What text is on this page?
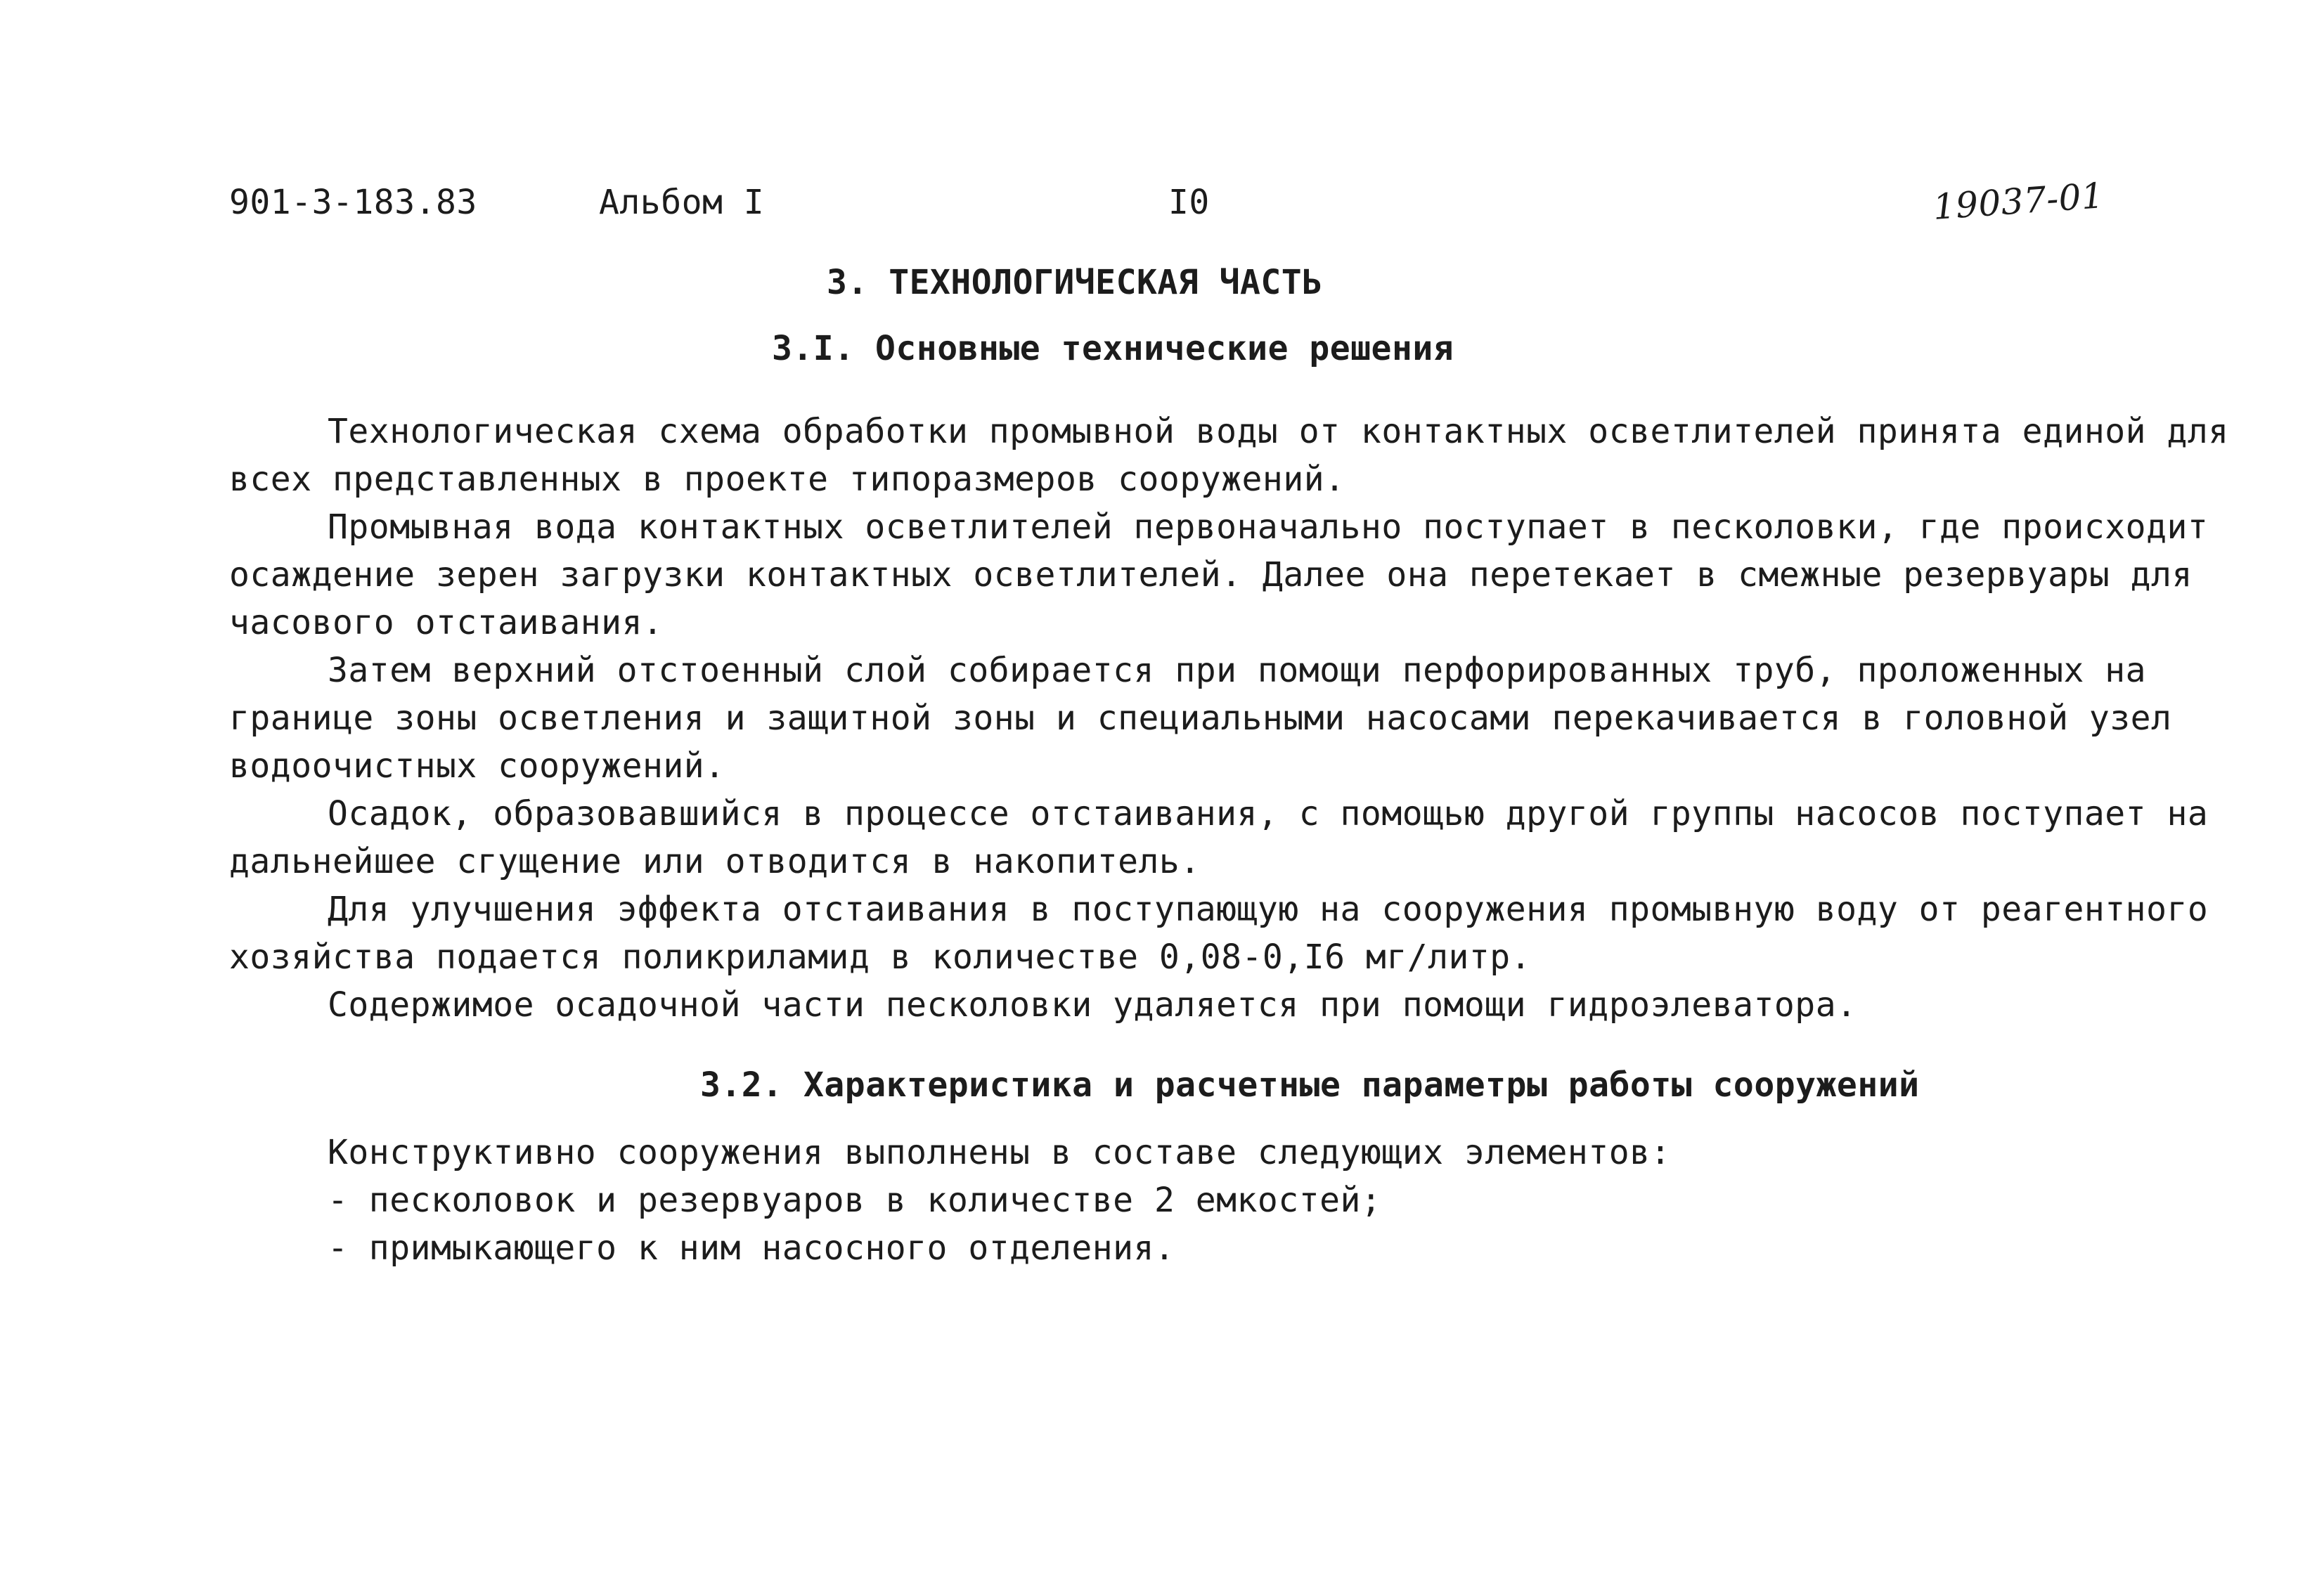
901-3-183.83	Альбом I	I0	19037-01
3. ТЕХНОЛОГИЧЕСКАЯ ЧАСТЬ
3.I. Основные технические решения
Технологическая схема обработки промывной воды от контактных осветлителей принята единой для
всех представленных в проекте типоразмеров сооружений.
Промывная вода контактных осветлителей первоначально поступает в песколовки, где происходит
осаждение зерен загрузки контактных осветлителей. Далее она перетекает в смежные резервуары для
часового отстаивания.
Затем верхний отстоенный слой собирается при помощи перфорированных труб, проложенных на
границе зоны осветления и защитной зоны и специальными насосами перекачивается в головной узел
водоочистных сооружений.
Осадок, образовавшийся в процессе отстаивания, с помощью другой группы насосов поступает на
дальнейшее сгущение или отводится в накопитель.
Для улучшения эффекта отстаивания в поступающую на сооружения промывную воду от реагентного
хозяйства подается поликриламид в количестве 0,08-0,I6 мг/литр.
Содержимое осадочной части песколовки удаляется при помощи гидроэлеватора.
3.2. Характеристика и расчетные параметры работы сооружений
Конструктивно сооружения выполнены в составе следующих элементов:
- песколовок и резервуаров в количестве 2 емкостей;
- примыкающего к ним насосного отделения.
